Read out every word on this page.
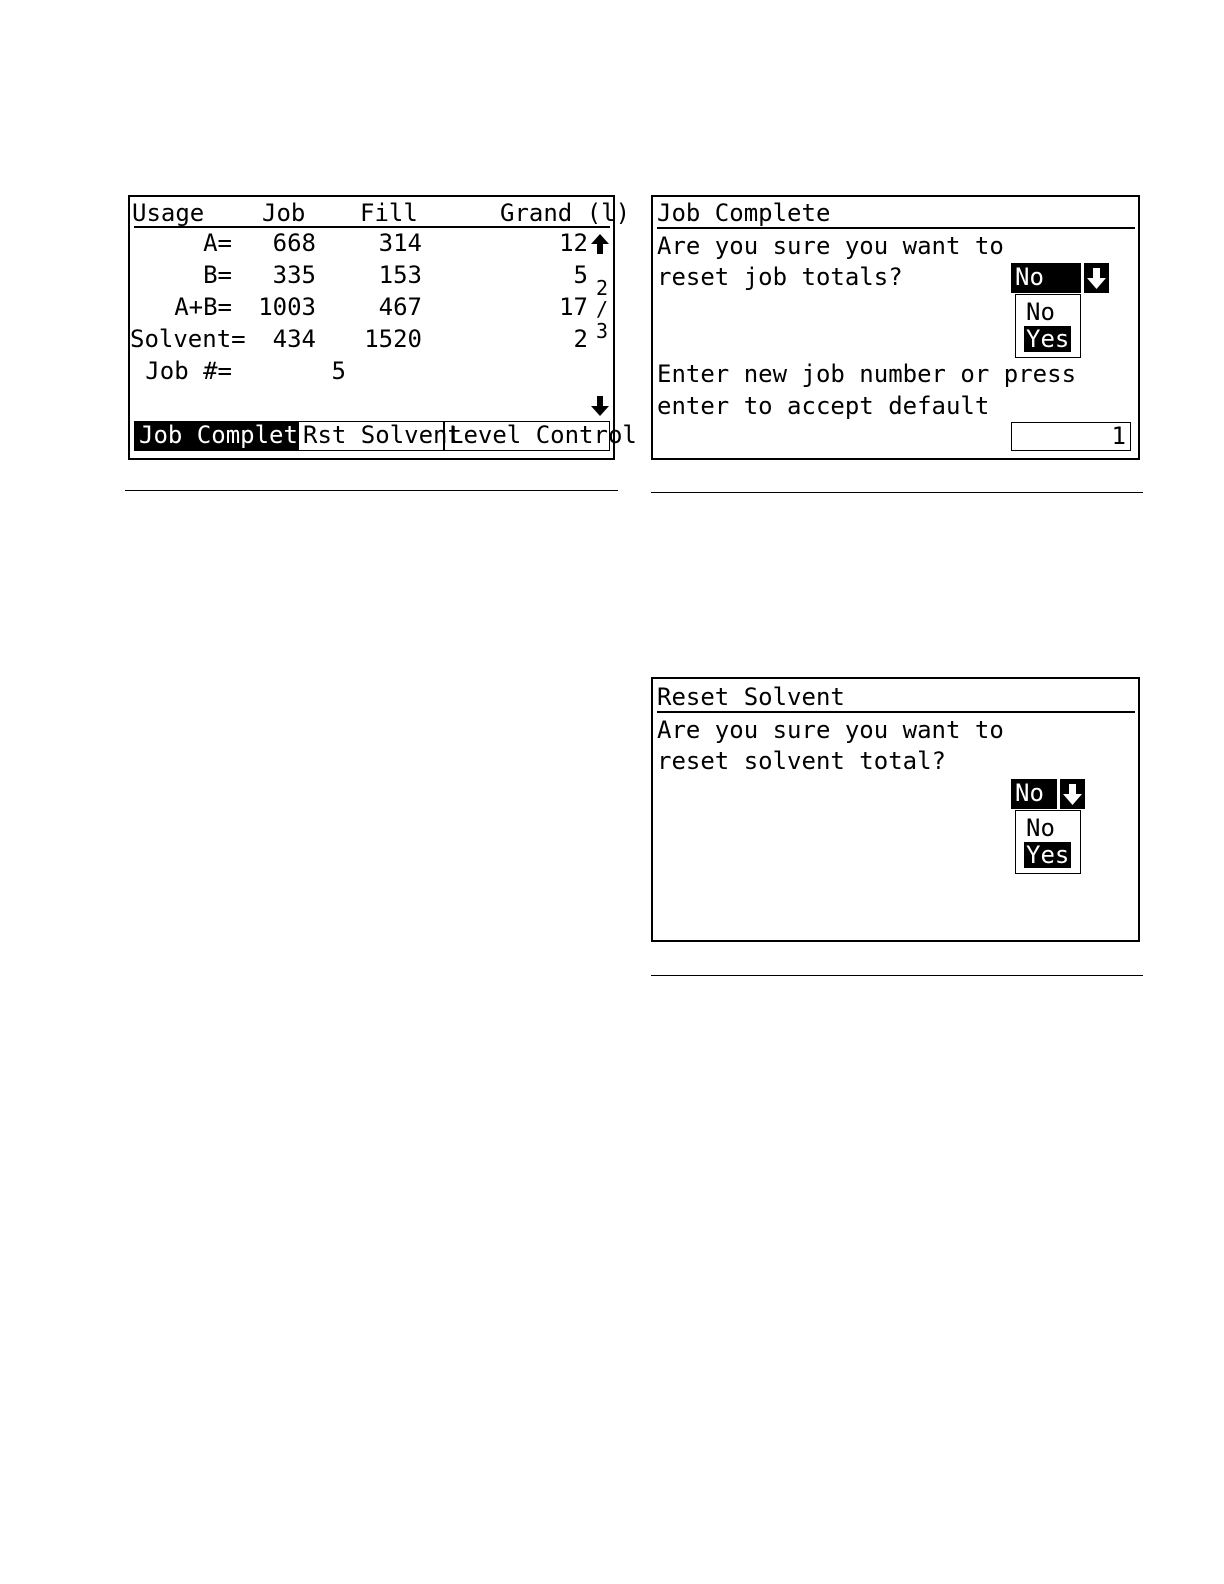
Usage Job Fill	Grand (l)
A=	668	314	12
B=	335	153	5
A+B=	1003	467	17
Solvent=	434	1520	2
Job #=	5
2
/
3
Job Complete
Rst Solvent
Level Control
Job Complete
Are you sure you want to
reset job totals?	No
No
Yes
Enter new job number or press
enter to accept default
1
Reset Solvent
Are you sure you want to
reset solvent total?
No
No
Yes
